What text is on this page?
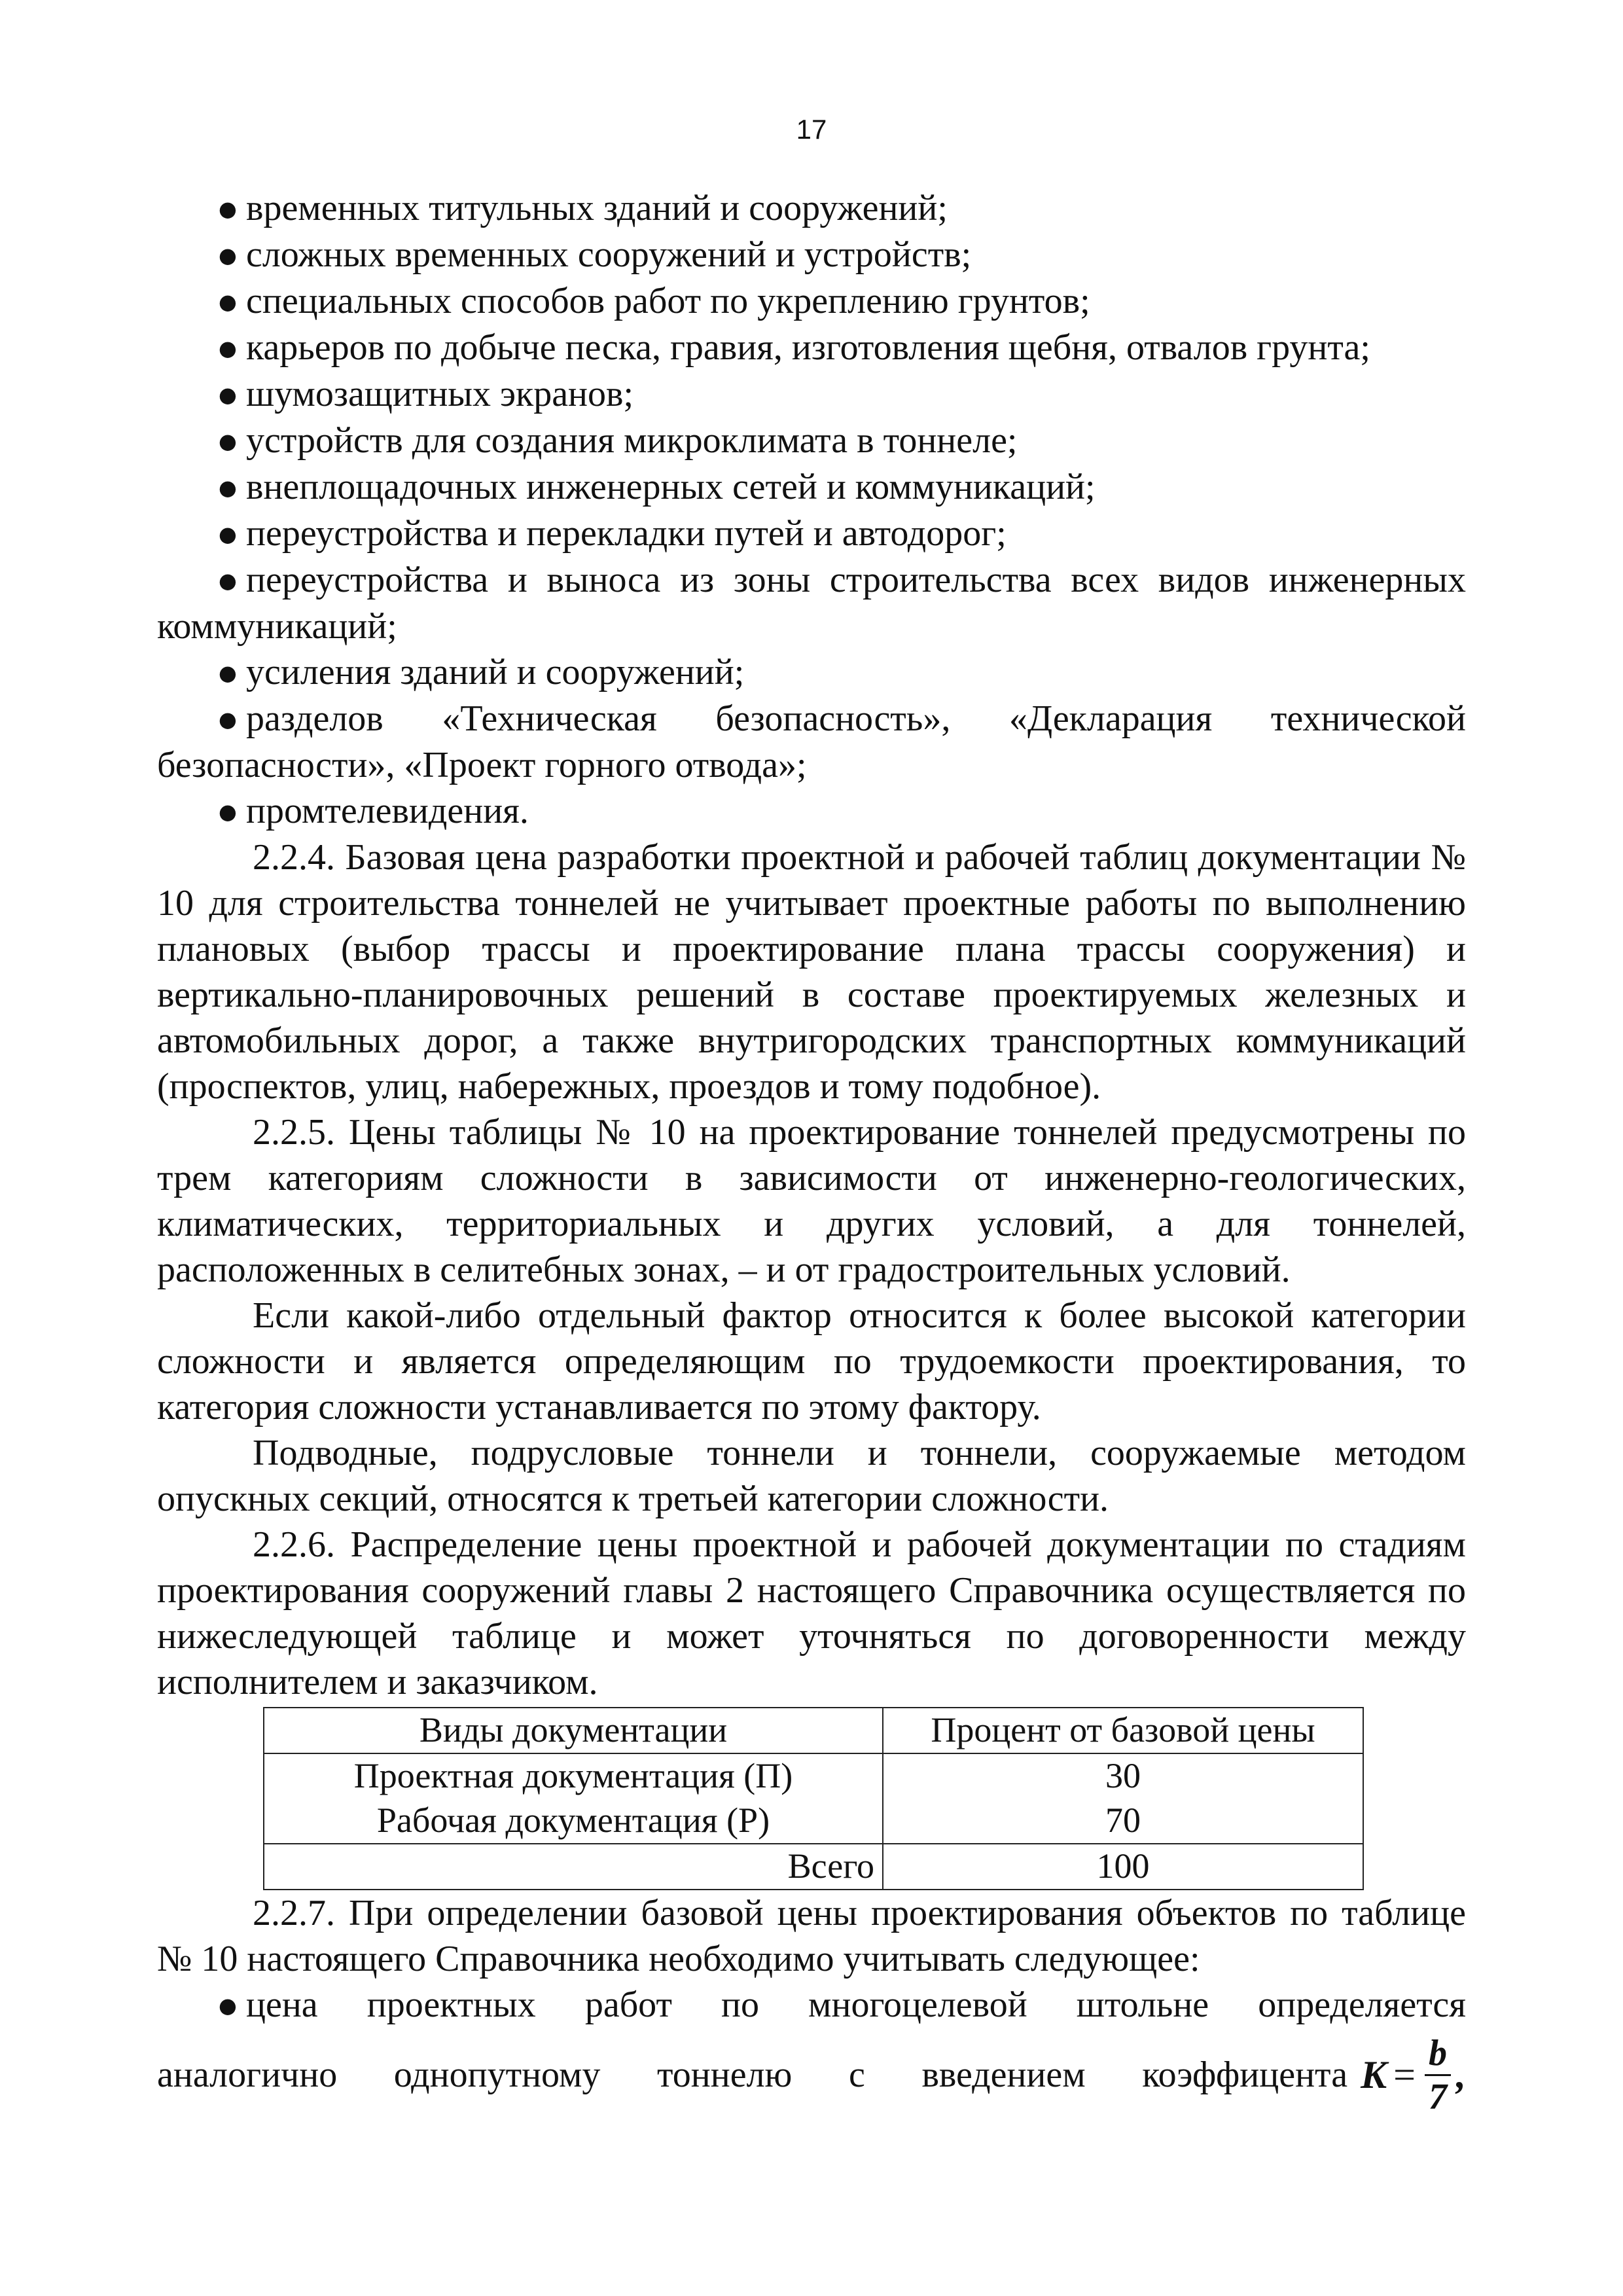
17
● временных титульных зданий и сооружений;
● сложных временных сооружений и устройств;
● специальных способов работ по укреплению грунтов;
● карьеров по добыче песка, гравия, изготовления щебня, отвалов грунта;
● шумозащитных экранов;
● устройств для создания микроклимата в тоннеле;
● внеплощадочных инженерных сетей и коммуникаций;
● переустройства и перекладки путей и автодорог;
● переустройства и выноса из зоны строительства всех видов инженерных коммуникаций;
● усиления зданий и сооружений;
● разделов «Техническая безопасность», «Декларация технической безопасности», «Проект горного отвода»;
● промтелевидения.

2.2.4. Базовая цена разработки проектной и рабочей таблиц документации № 10 для строительства тоннелей не учитывает проектные работы по выполнению плановых (выбор трассы и проектирование плана трассы сооружения) и вертикально-планировочных решений в составе проектируемых железных и автомобильных дорог, а также внутригородских транспортных коммуникаций (проспектов, улиц, набережных, проездов и тому подобное).

2.2.5. Цены таблицы № 10 на проектирование тоннелей предусмотрены по трем категориям сложности в зависимости от инженерно-геологических, климатических, территориальных и других условий, а для тоннелей, расположенных в селитебных зонах, – и от градостроительных условий.

Если какой-либо отдельный фактор относится к более высокой категории сложности и является определяющим по трудоемкости проектирования, то категория сложности устанавливается по этому фактору.

Подводные, подрусловые тоннели и тоннели, сооружаемые методом опускных секций, относятся к третьей категории сложности.

2.2.6. Распределение цены проектной и рабочей документации по стадиям проектирования сооружений главы 2 настоящего Справочника осуществляется по нижеследующей таблице и может уточняться по договоренности между исполнителем и заказчиком.

Виды документации	Процент от базовой цены
Проектная документация (П)	30
Рабочая документация (Р)	70
Всего	100

2.2.7. При определении базовой цены проектирования объектов по таблице № 10 настоящего Справочника необходимо учитывать следующее:

● цена проектных работ по многоцелевой штольне определяется
аналогично однопутному тоннелю с введением коэффицента $K = \frac{b}{7}$ ,
